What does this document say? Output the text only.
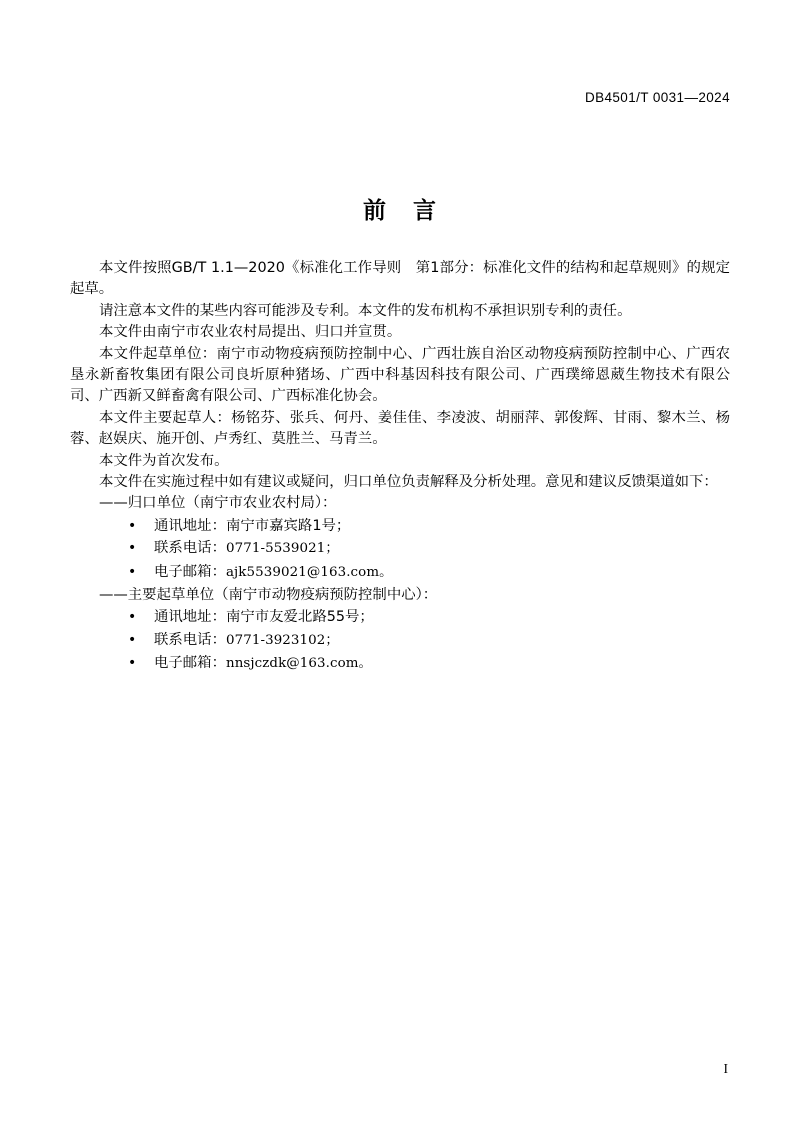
DB4501/T 0031—2024
前 言

本文件按照GB/T 1.1—2020《标准化工作导则　第1部分：标准化文件的结构和起草规则》的规定起草。

请注意本文件的某些内容可能涉及专利。本文件的发布机构不承担识别专利的责任。

本文件由南宁市农业农村局提出、归口并宣贯。

本文件起草单位：南宁市动物疫病预防控制中心、广西壮族自治区动物疫病预防控制中心、广西农垦永新畜牧集团有限公司良圻原种猪场、广西中科基因科技有限公司、广西璞缔恩葳生物技术有限公司、广西新又鲜畜禽有限公司、广西标准化协会。

本文件主要起草人：杨铭芬、张兵、何丹、姜佳佳、李凌波、胡丽萍、郭俊辉、甘雨、黎木兰、杨蓉、赵娱庆、施开创、卢秀红、莫胜兰、马青兰。

本文件为首次发布。

本文件在实施过程中如有建议或疑问，归口单位负责解释及分析处理。意见和建议反馈渠道如下：

——归口单位（南宁市农业农村局）：
•	通讯地址：南宁市嘉宾路1号；
•	联系电话：0771-5539021；
•	电子邮箱：ajk5539021@163.com。
——主要起草单位（南宁市动物疫病预防控制中心）：
•	通讯地址：南宁市友爱北路55号；
•	联系电话：0771-3923102；
•	电子邮箱：nnsjczdk@163.com。
I
